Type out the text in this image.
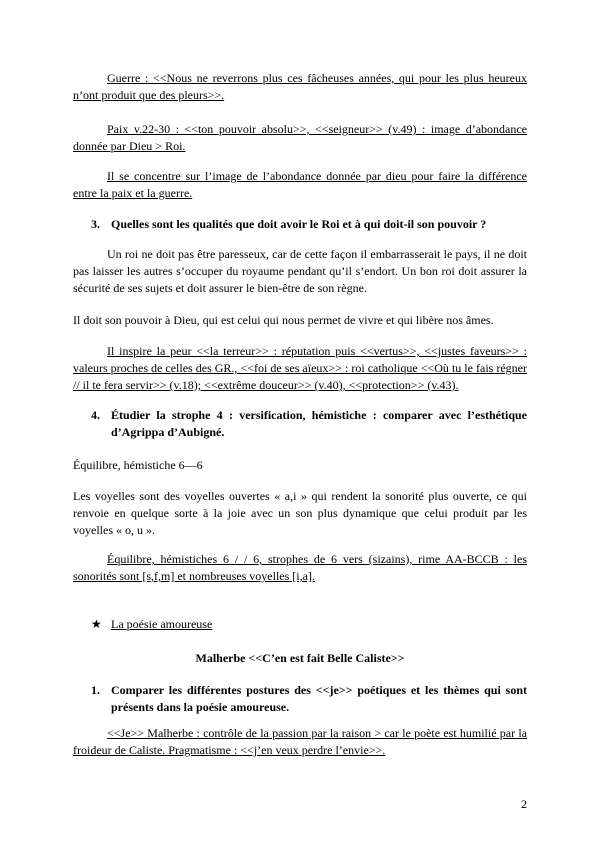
Guerre : <<Nous ne reverrons plus ces fâcheuses années, qui pour les plus heureux n’ont produit que des pleurs>>.
Paix v.22-30 : <<ton pouvoir absolu>>, <<seigneur>> (v.49) : image d’abondance donnée par Dieu > Roi.
Il se concentre sur l’image de l’abondance donnée par dieu pour faire la différence entre la paix et la guerre.
3. Quelles sont les qualités que doit avoir le Roi et à qui doit-il son pouvoir ?
Un roi ne doit pas être paresseux, car de cette façon il embarrasserait le pays, il ne doit pas laisser les autres s’occuper du royaume pendant qu’il s’endort. Un bon roi doit assurer la sécurité de ses sujets et doit assurer le bien-être de son règne.
Il doit son pouvoir à Dieu, qui est celui qui nous permet de vivre et qui libère nos âmes.
Il inspire la peur <<la terreur>> : réputation puis <<vertus>>, <<justes faveurs>> : valeurs proches de celles des GR., <<foi de ses aïeux>> : roi catholique <<Où tu le fais régner // il te fera servir>> (v.18); <<extrême douceur>> (v.40), <<protection>> (v.43).
4. Étudier la strophe 4 : versification, hémistiche : comparer avec l’esthétique d’Agrippa d’Aubigné.
Équilibre, hémistiche 6—6
Les voyelles sont des voyelles ouvertes « a,i » qui rendent la sonorité plus ouverte, ce qui renvoie en quelque sorte à la joie avec un son plus dynamique que celui produit par les voyelles « o, u ».
Équilibre, hémistiches 6 / / 6, strophes de 6 vers (sizains), rime AA-BCCB : les sonorités sont [s,f,m] et nombreuses voyelles [i,a].
★ La poésie amoureuse
Malherbe <<C’en est fait Belle Caliste>>
1. Comparer les différentes postures des <<je>> poétiques et les thèmes qui sont présents dans la poésie amoureuse.
<<Je>> Malherbe : contrôle de la passion par la raison > car le poète est humilié par la froideur de Caliste. Pragmatisme : <<j’en veux perdre l’envie>>.
2
